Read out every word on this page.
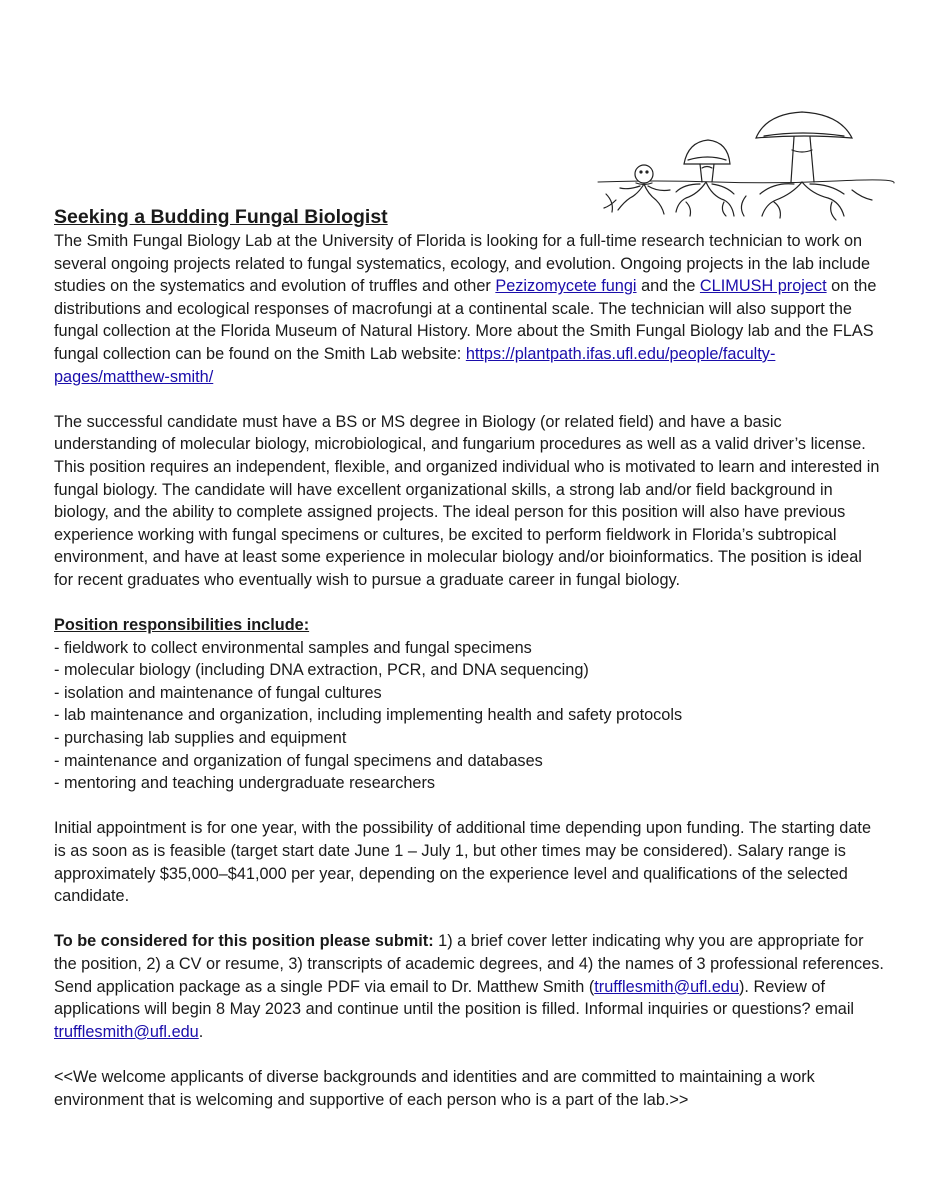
Seeking a Budding Fungal Biologist

The Smith Fungal Biology Lab at the University of Florida is looking for a full-time research technician to work on several ongoing projects related to fungal systematics, ecology, and evolution. Ongoing projects in the lab include studies on the systematics and evolution of truffles and other Pezizomycete fungi and the CLIMUSH project on the distributions and ecological responses of macrofungi at a continental scale. The technician will also support the fungal collection at the Florida Museum of Natural History. More about the Smith Fungal Biology lab and the FLAS fungal collection can be found on the Smith Lab website: https://plantpath.ifas.ufl.edu/people/faculty-pages/matthew-smith/

The successful candidate must have a BS or MS degree in Biology (or related field) and have a basic understanding of molecular biology, microbiological, and fungarium procedures as well as a valid driver’s license. This position requires an independent, flexible, and organized individual who is motivated to learn and interested in fungal biology. The candidate will have excellent organizational skills, a strong lab and/or field background in biology, and the ability to complete assigned projects. The ideal person for this position will also have previous experience working with fungal specimens or cultures, be excited to perform fieldwork in Florida’s subtropical environment, and have at least some experience in molecular biology and/or bioinformatics. The position is ideal for recent graduates who eventually wish to pursue a graduate career in fungal biology.

Position responsibilities include:

- fieldwork to collect environmental samples and fungal specimens
- molecular biology (including DNA extraction, PCR, and DNA sequencing)
- isolation and maintenance of fungal cultures
- lab maintenance and organization, including implementing health and safety protocols
- purchasing lab supplies and equipment
- maintenance and organization of fungal specimens and databases
- mentoring and teaching undergraduate researchers

Initial appointment is for one year, with the possibility of additional time depending upon funding. The starting date is as soon as is feasible (target start date June 1 – July 1, but other times may be considered). Salary range is approximately $35,000–$41,000 per year, depending on the experience level and qualifications of the selected candidate.

To be considered for this position please submit: 1) a brief cover letter indicating why you are appropriate for the position, 2) a CV or resume, 3) transcripts of academic degrees, and 4) the names of 3 professional references. Send application package as a single PDF via email to Dr. Matthew Smith (trufflesmith@ufl.edu). Review of applications will begin 8 May 2023 and continue until the position is filled. Informal inquiries or questions? email trufflesmith@ufl.edu.

<<We welcome applicants of diverse backgrounds and identities and are committed to maintaining a work environment that is welcoming and supportive of each person who is a part of the lab.>>
